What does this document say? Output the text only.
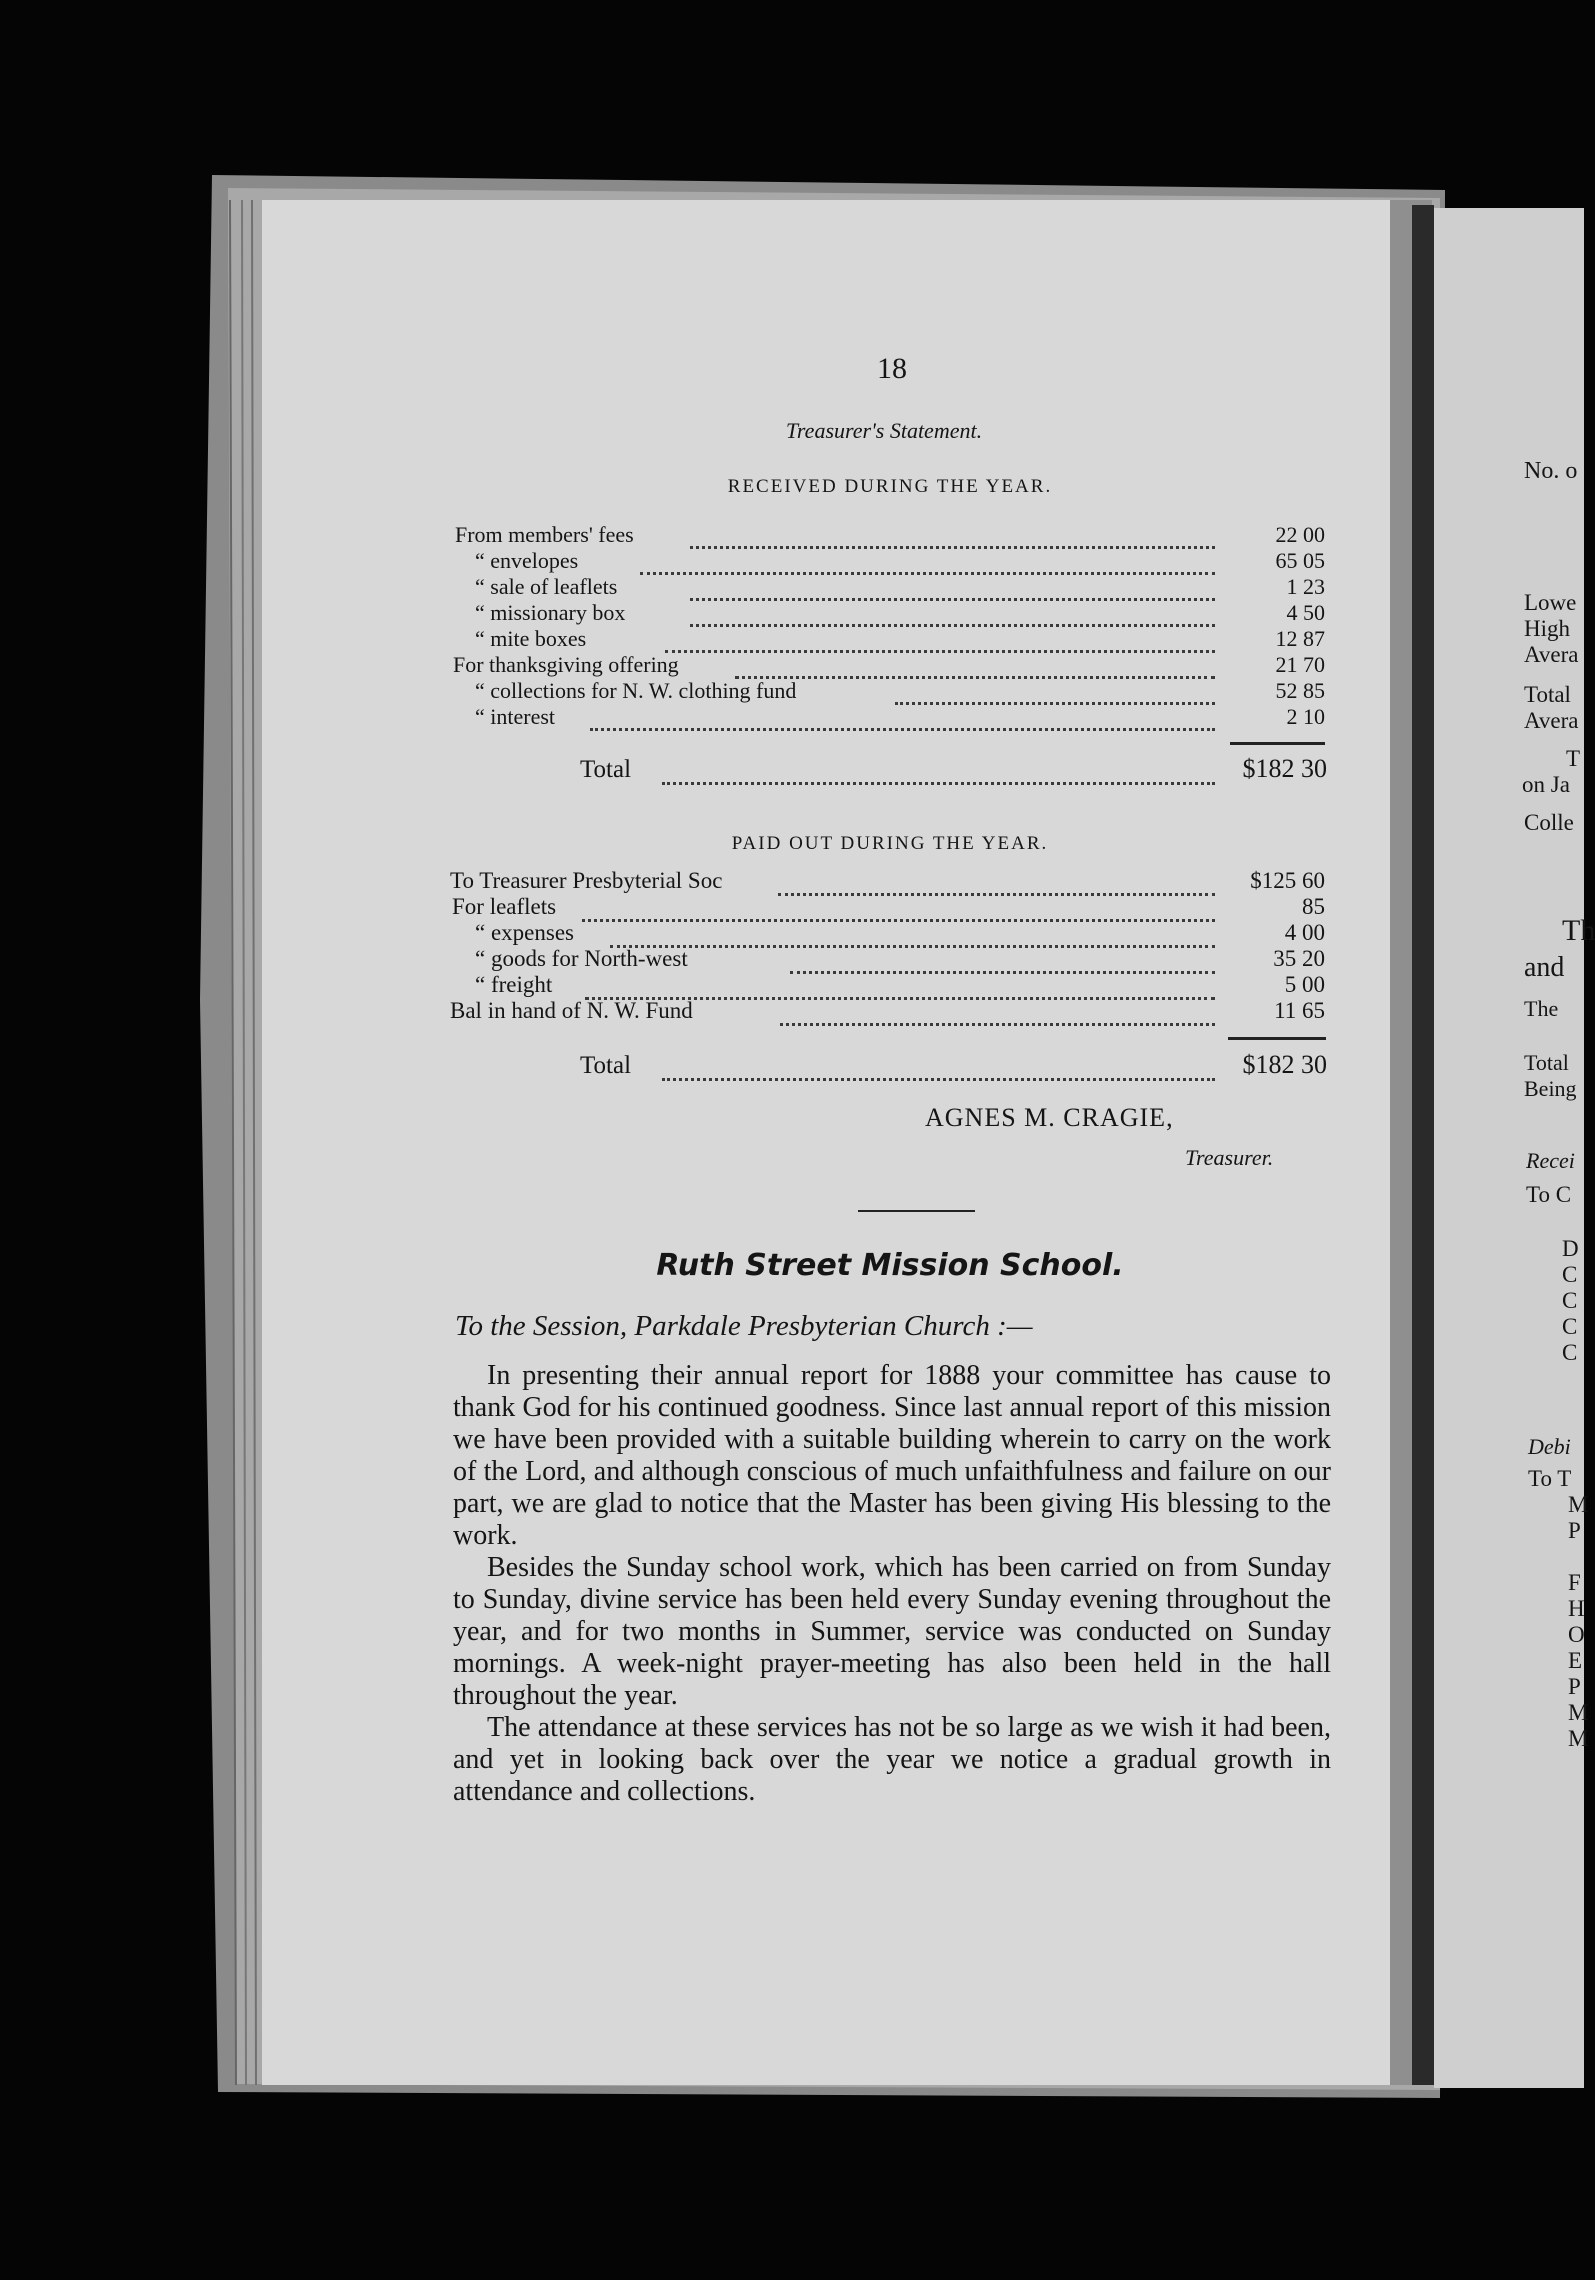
18
Treasurer's Statement.
RECEIVED DURING THE YEAR.
From members' fees	22 00
“ envelopes	65 05
“ sale of leaflets	1 23
“ missionary box	4 50
“ mite boxes	12 87
For thanksgiving offering	21 70
“ collections for N. W. clothing fund	52 85
“ interest	2 10
Total	$182 30
PAID OUT DURING THE YEAR.
To Treasurer Presbyterial Soc	$125 60
For leaflets	85
“ expenses	4 00
“ goods for North-west	35 20
“ freight	5 00
Bal in hand of N. W. Fund	11 65
Total	$182 30
AGNES M. CRAGIE,
Treasurer.
Ruth Street Mission School.
To the Session, Parkdale Presbyterian Church :—

In presenting their annual report for 1888 your committee has cause to thank God for his continued goodness. Since last annual report of this mission we have been provided with a suitable building wherein to carry on the work of the Lord, and although conscious of much unfaithfulness and failure on our part, we are glad to notice that the Master has been giving His blessing to the work.

Besides the Sunday school work, which has been carried on from Sunday to Sunday, divine service has been held every Sunday evening throughout the year, and for two months in Summer, service was conducted on Sunday mornings. A week-night prayer-meeting has also been held in the hall throughout the year.

The attendance at these services has not be so large as we wish it had been, and yet in looking back over the year we notice a gradual growth in attendance and collections.

No. o
Lowe
High
Avera
Total
Avera
T
on Ja
Colle
Th
and
The
Total
Being
Recei
To C
D
C
C
C
C
Debi
To T
M
P
F
H
O
E
P
M
M
